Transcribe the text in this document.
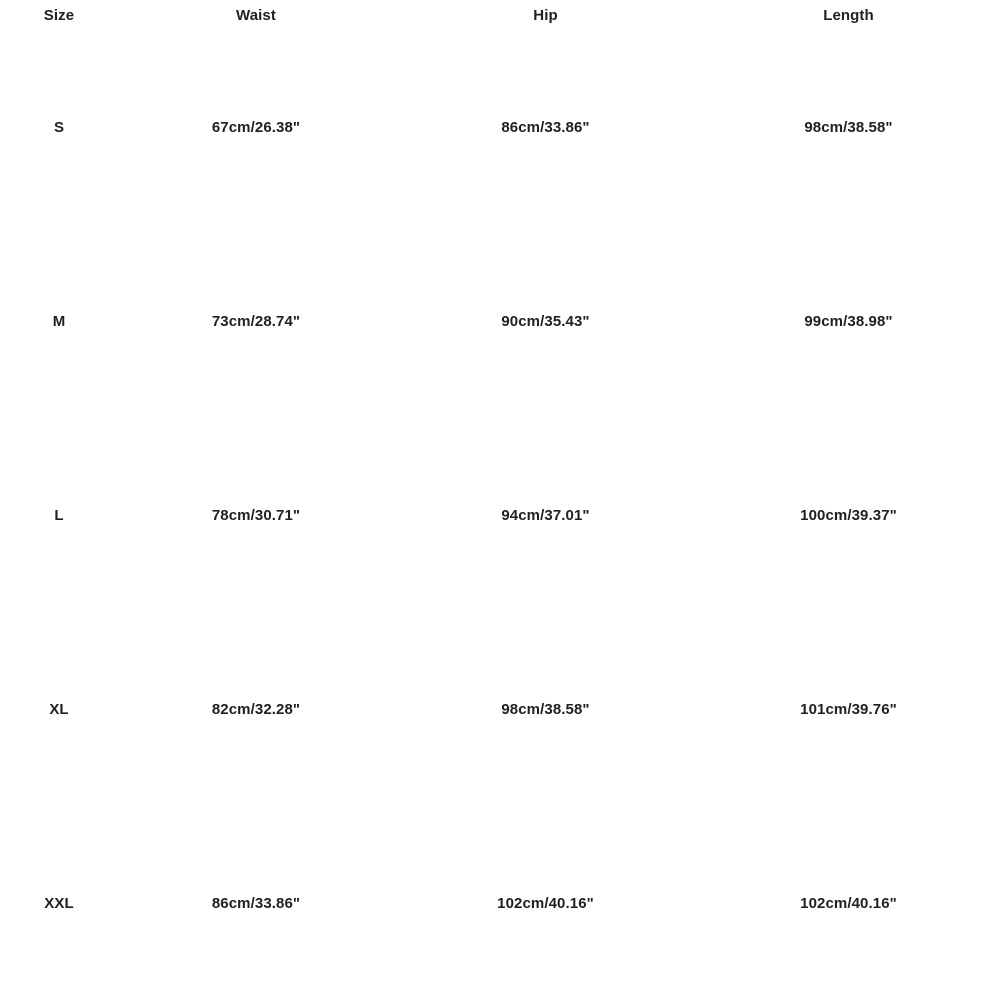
Size	Waist	Hip	Length
S	67cm/26.38"	86cm/33.86"	98cm/38.58"
M	73cm/28.74"	90cm/35.43"	99cm/38.98"
L	78cm/30.71"	94cm/37.01"	100cm/39.37"
XL	82cm/32.28"	98cm/38.58"	101cm/39.76"
XXL	86cm/33.86"	102cm/40.16"	102cm/40.16"
